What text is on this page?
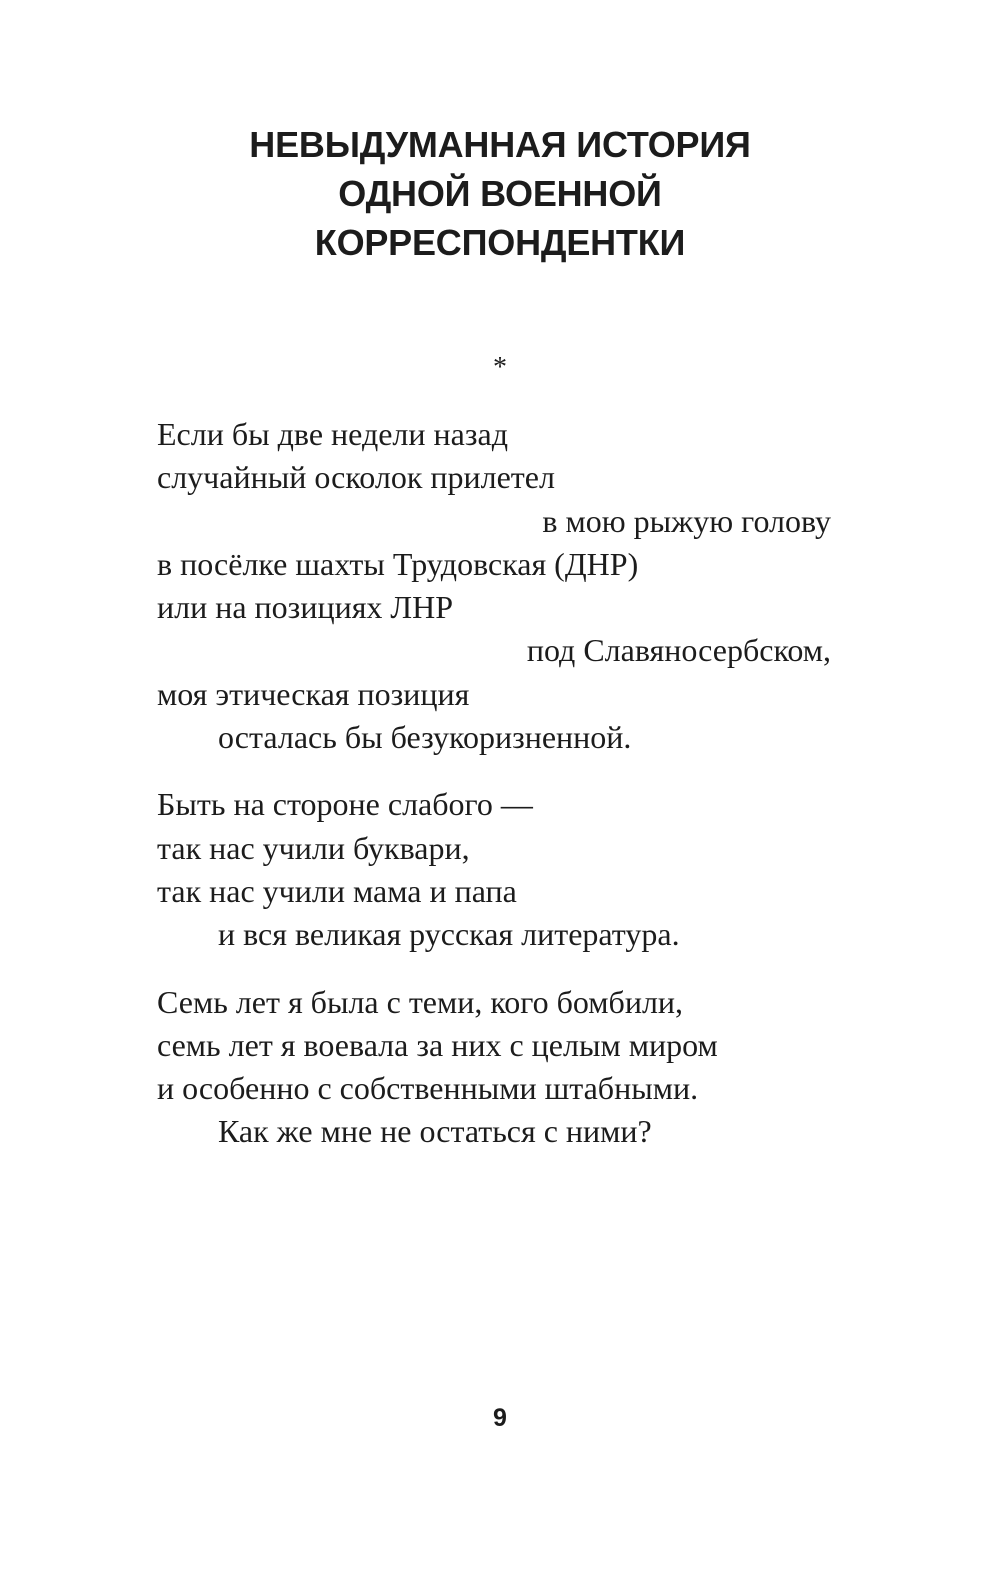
НЕВЫДУМАННАЯ ИСТОРИЯ
ОДНОЙ ВОЕННОЙ
КОРРЕСПОНДЕНТКИ
*
Если бы две недели назад
случайный осколок прилетел
в мою рыжую голову
в посёлке шахты Трудовская (ДНР)
или на позициях ЛНР
под Славяносербском,
моя этическая позиция
осталась бы безукоризненной.
Быть на стороне слабого —
так нас учили буквари,
так нас учили мама и папа
и вся великая русская литература.
Семь лет я была с теми, кого бомбили,
семь лет я воевала за них с целым миром
и особенно с собственными штабными.
Как же мне не остаться с ними?
9
